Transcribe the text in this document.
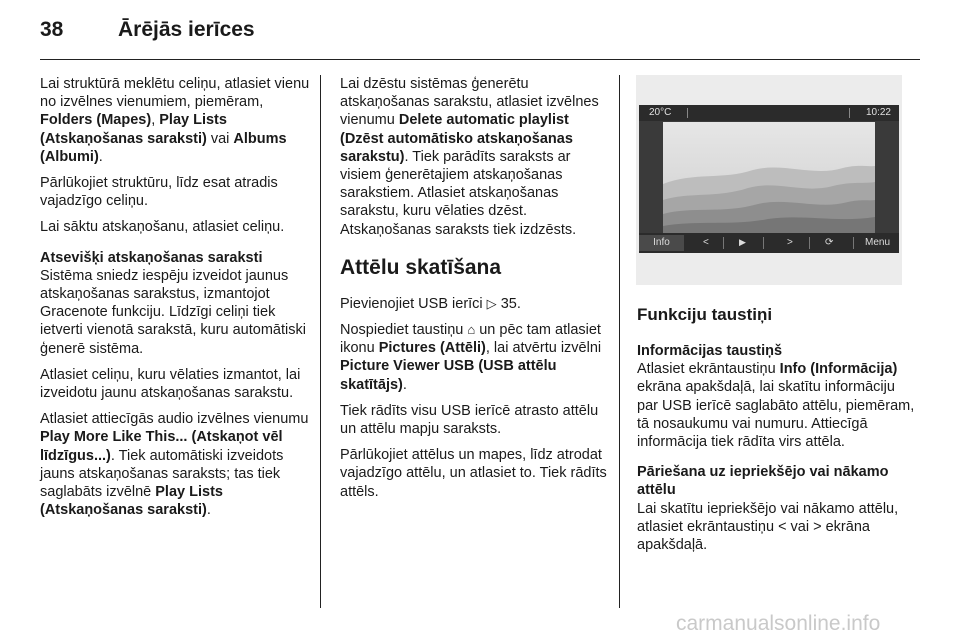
38	Ārējās ierīces

Lai struktūrā meklētu celiņu, atlasiet vienu no izvēlnes vienumiem, piemēram, Folders (Mapes), Play Lists (Atskaņošanas saraksti) vai Albums (Albumi).

Pārlūkojiet struktūru, līdz esat atradis vajadzīgo celiņu.

Lai sāktu atskaņošanu, atlasiet celiņu.

Atsevišķi atskaņošanas saraksti

Sistēma sniedz iespēju izveidot jaunus atskaņošanas sarakstus, izmantojot Gracenote funkciju. Līdzīgi celiņi tiek ietverti vienotā sarakstā, kuru automātiski ģenerē sistēma.

Atlasiet celiņu, kuru vēlaties izmantot, lai izveidotu jaunu atskaņošanas sarakstu.

Atlasiet attiecīgās audio izvēlnes vienumu Play More Like This... (Atskaņot vēl līdzīgus...). Tiek automātiski izveidots jauns atskaņošanas saraksts; tas tiek saglabāts izvēlnē Play Lists (Atskaņošanas saraksti).

Lai dzēstu sistēmas ģenerētu atskaņošanas sarakstu, atlasiet izvēlnes vienumu Delete automatic playlist (Dzēst automātisko atskaņošanas sarakstu). Tiek parādīts saraksts ar visiem ģenerētajiem atskaņošanas sarakstiem. Atlasiet atskaņošanas sarakstu, kuru vēlaties dzēst. Atskaņošanas saraksts tiek izdzēsts.

Attēlu skatīšana

Pievienojiet USB ierīci ▷ 35.

Nospiediet taustiņu ⌂ un pēc tam atlasiet ikonu Pictures (Attēli), lai atvērtu izvēlni Picture Viewer USB (USB attēlu skatītājs).

Tiek rādīts visu USB ierīcē atrasto attēlu un attēlu mapju saraksts.

Pārlūkojiet attēlus un mapes, līdz atrodat vajadzīgo attēlu, un atlasiet to. Tiek rādīts attēls.

20°C	10:22
Info	<	▶	>	⟳	Menu
Funkciju taustiņi

Informācijas taustiņš

Atlasiet ekrāntaustiņu Info (Informācija) ekrāna apakšdaļā, lai skatītu informāciju par USB ierīcē saglabāto attēlu, piemēram, tā nosaukumu vai numuru. Attiecīgā informācija tiek rādīta virs attēla.

Pāriešana uz iepriekšējo vai nākamo attēlu

Lai skatītu iepriekšējo vai nākamo attēlu, atlasiet ekrāntaustiņu < vai > ekrāna apakšdaļā.

carmanualsonline.info
